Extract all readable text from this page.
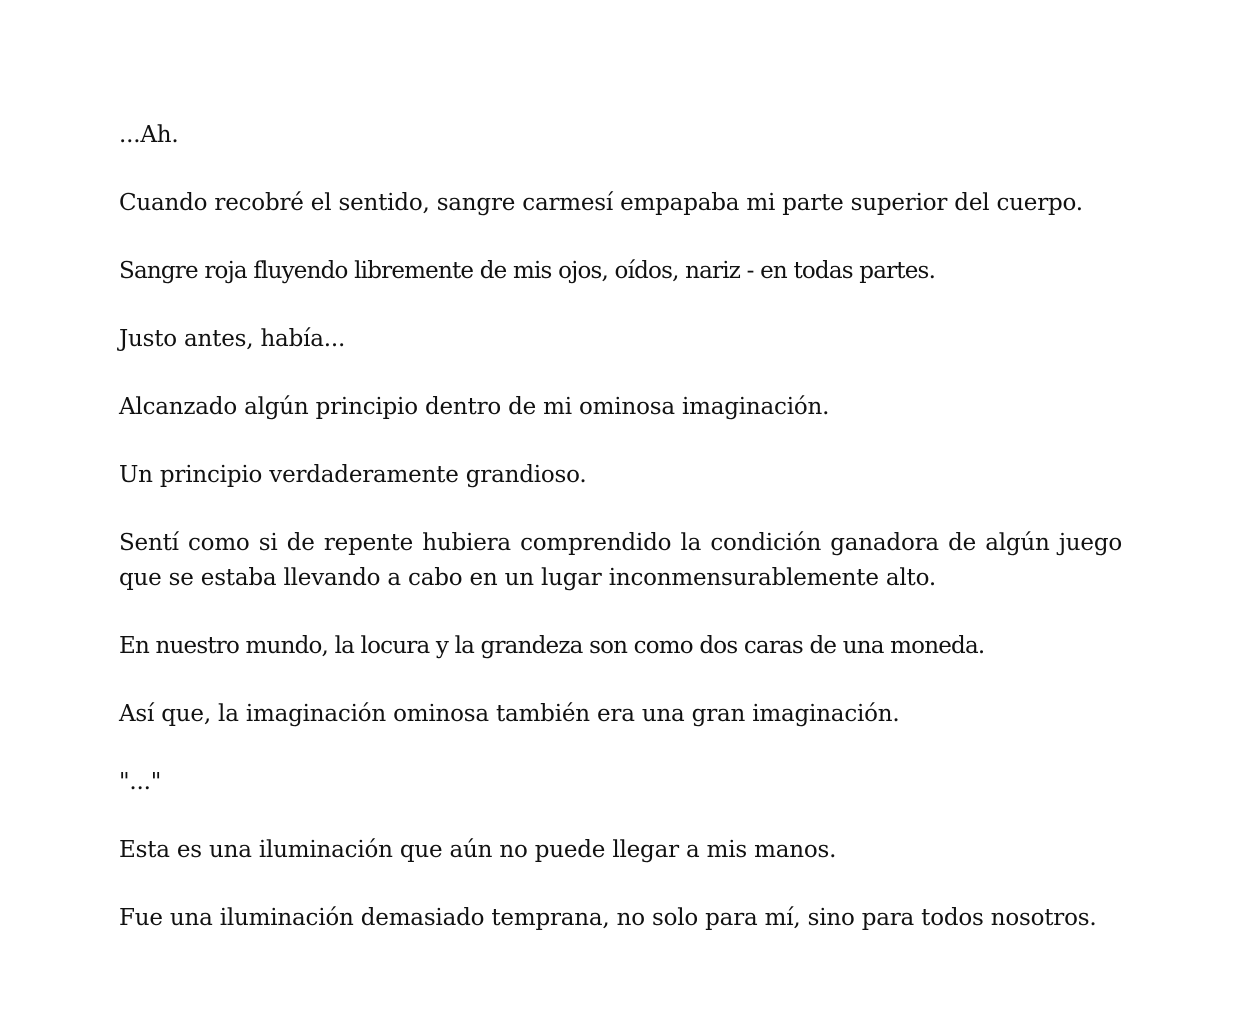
...Ah.

Cuando recobré el sentido, sangre carmesí empapaba mi parte superior del cuerpo.

Sangre roja fluyendo libremente de mis ojos, oídos, nariz - en todas partes.

Justo antes, había...

Alcanzado algún principio dentro de mi ominosa imaginación.

Un principio verdaderamente grandioso.

Sentí como si de repente hubiera comprendido la condición ganadora de algún juego que se estaba llevando a cabo en un lugar inconmensurablemente alto.

En nuestro mundo, la locura y la grandeza son como dos caras de una moneda.

Así que, la imaginación ominosa también era una gran imaginación.

"..."

Esta es una iluminación que aún no puede llegar a mis manos.

Fue una iluminación demasiado temprana, no solo para mí, sino para todos nosotros.
